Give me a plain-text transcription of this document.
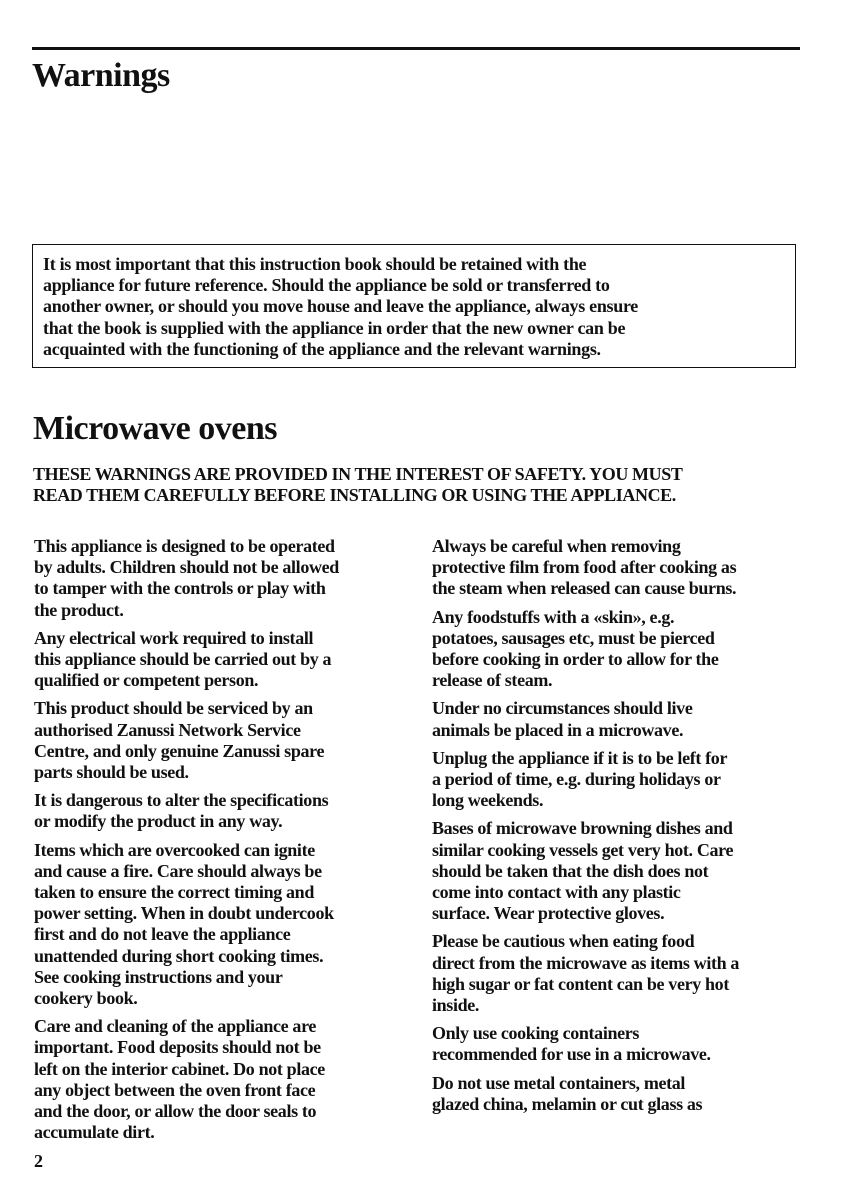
Warnings

It is most important that this instruction book should be retained with the

appliance for future reference. Should the appliance be sold or transferred to

another owner, or should you move house and leave the appliance, always ensure

that the book is supplied with the appliance in order that the new owner can be

acquainted with the functioning of the appliance and the relevant warnings.

Microwave ovens
THESE WARNINGS ARE PROVIDED IN THE INTEREST OF SAFETY. YOU MUST
READ THEM CAREFULLY BEFORE INSTALLING OR USING THE APPLIANCE.

This appliance is designed to be operated
by adults. Children should not be allowed
to tamper with the controls or play with
the product.

Any electrical work required to install
this appliance should be carried out by a
qualified or competent person.

This product should be serviced by an
authorised Zanussi Network Service
Centre, and only genuine Zanussi spare
parts should be used.

It is dangerous to alter the specifications
or modify the product in any way.

Items which are overcooked can ignite
and cause a fire. Care should always be
taken to ensure the correct timing and
power setting. When in doubt undercook
first and do not leave the appliance
unattended during short cooking times.
See cooking instructions and your
cookery book.

Care and cleaning of the appliance are
important. Food deposits should not be
left on the interior cabinet. Do not place
any object between the oven front face
and the door, or allow the door seals to
accumulate dirt.

Always be careful when removing
protective film from food after cooking as
the steam when released can cause burns.

Any foodstuffs with a «skin», e.g.
potatoes, sausages etc, must be pierced
before cooking in order to allow for the
release of steam.

Under no circumstances should live
animals be placed in a microwave.

Unplug the appliance if it is to be left for
a period of time, e.g. during holidays or
long weekends.

Bases of microwave browning dishes and
similar cooking vessels get very hot. Care
should be taken that the dish does not
come into contact with any plastic
surface. Wear protective gloves.

Please be cautious when eating food
direct from the microwave as items with a
high sugar or fat content can be very hot
inside.

Only use cooking containers
recommended for use in a microwave.

Do not use metal containers, metal
glazed china, melamin or cut glass as

2
